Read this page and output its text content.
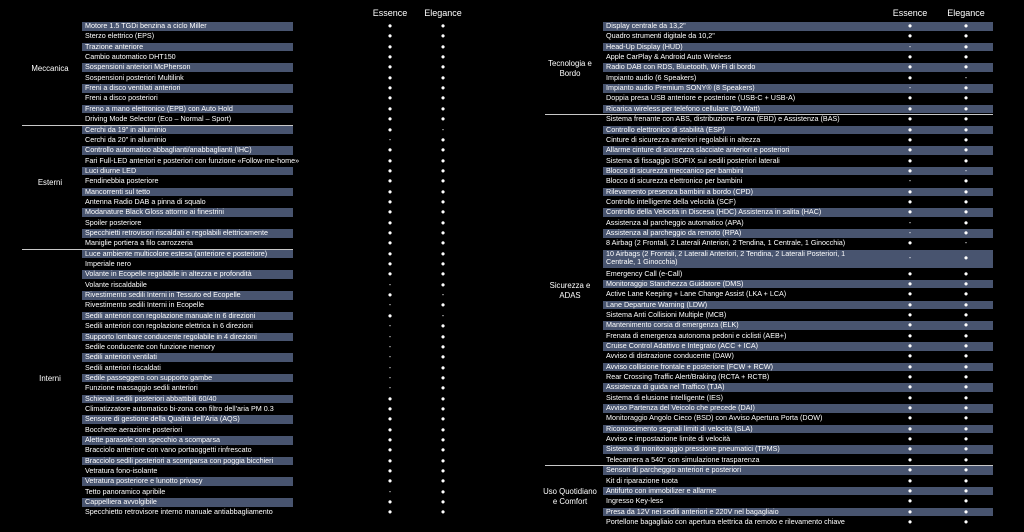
Essence	Elegance
Motore 1.5 TGDi benzina a ciclo Miller	●	●
Sterzo elettrico (EPS)	●	●
Trazione anteriore	●	●
Cambio automatico DHT150	●	●
Sospensioni anteriori McPherson	●	●
Sospensioni posteriori Multilink	●	●
Freni a disco ventilati anteriori	●	●
Freni a disco posteriori	●	●
Freno a mano elettronico (EPB) con Auto Hold	●	●
Driving Mode Selector (Eco – Normal – Sport)	●	●
Meccanica
Cerchi da 19" in alluminio	●	-
Cerchi da 20" in alluminio	-	●
Controllo automatico abbaglianti/anabbaglianti (IHC)	●	●
Fari Full-LED anteriori e posteriori con funzione «Follow-me-home»	●	●
Luci diurne LED	●	●
Fendinebbia posteriore	●	●
Mancorrenti sul tetto	●	●
Antenna Radio DAB a pinna di squalo	●	●
Modanature Black Gloss attorno ai finestrini	●	●
Spoiler posteriore	●	●
Specchietti retrovisori riscaldati e regolabili elettricamente	●	●
Maniglie portiera a filo carrozzeria	●	●
Esterni
Luce ambiente multicolore estesa (anteriore e posteriore)	●	●
Imperiale nero	●	●
Volante in Ecopelle regolabile in altezza e profondità	●	●
Volante riscaldabile	-	●
Rivestimento sedili Interni in Tessuto ed Ecopelle	●	-
Rivestimento sedili Interni in Ecopelle	-	●
Sedili anteriori con regolazione manuale in 6 direzioni	●	-
Sedili anteriori con regolazione elettrica in 6 direzioni	-	●
Supporto lombare conducente regolabile in 4 direzioni	-	●
Sedile conducente con funzione memory	-	●
Sedili anteriori ventilati	-	●
Sedili anteriori riscaldati	-	●
Sedile passeggero con supporto gambe	-	●
Funzione massaggio sedili anteriori	-	●
Schienali sedili posteriori abbattibili 60/40	●	●
Climatizzatore automatico bi-zona con filtro dell'aria PM 0.3	●	●
Sensore di gestione della Qualità dell'Aria (AQS)	●	●
Bocchette aerazione posteriori	●	●
Alette parasole con specchio a scomparsa	●	●
Bracciolo anteriore con vano portaoggetti rinfrescato	●	●
Bracciolo sedili posteriori a scomparsa con poggia bicchieri	●	●
Vetratura fono-isolante	●	●
Vetratura posteriore e lunotto privacy	●	●
Tetto panoramico apribile	-	●
Cappelliera avvolgibile	●	●
Specchietto retrovisore interno manuale antiabbagliamento	●	●
Interni
Essence	Elegance
Display centrale da 13,2"	●	●
Quadro strumenti digitale da 10,2"	●	●
Head-Up Display (HUD)	-	●
Apple CarPlay & Android Auto Wireless	●	●
Radio DAB con RDS, Bluetooth, Wi-Fi di bordo	●	●
Impianto audio (6 Speakers)	●	-
Impianto audio Premium SONY® (8 Speakers)	-	●
Doppia presa USB anteriore e posteriore (USB-C + USB-A)	●	●
Ricarica wireless per telefono cellulare (50 Watt)	●	●
Tecnologia e Bordo
Sistema frenante con ABS, distribuzione Forza (EBD) e Assistenza (BAS)	●	●
Controllo elettronico di stabilità (ESP)	●	●
Cinture di sicurezza anteriori regolabili in altezza	●	●
Allarme cinture di sicurezza slacciate anteriori e posteriori	●	●
Sistema di fissaggio ISOFIX sui sedili posteriori laterali	●	●
Blocco di sicurezza meccanico per bambini	●	-
Blocco di sicurezza elettronico per bambini	-	●
Rilevamento presenza bambini a bordo (CPD)	●	●
Controllo intelligente della velocità (SCF)	●	●
Controllo della Velocità in Discesa (HDC) Assistenza in salita (HAC)	●	●
Assistenza al parcheggio automatico (APA)	-	●
Assistenza al parcheggio da remoto (RPA)	-	●
8 Airbag (2 Frontali, 2 Laterali Anteriori, 2 Tendina, 1 Centrale, 1 Ginocchia)	●	-
10 Airbags (2 Frontali, 2 Laterali Anteriori, 2 Tendina, 2 Laterali Posteriori, 1 Centrale, 1 Ginocchia)	-	●
Emergency Call (e-Call)	●	●
Monitoraggio Stanchezza Guidatore (DMS)	●	●
Active Lane Keeping + Lane Change Assist (LKA + LCA)	●	●
Lane Departure Warning (LDW)	●	●
Sistema Anti Collisioni Multiple (MCB)	●	●
Mantenimento corsia di emergenza (ELK)	●	●
Frenata di emergenza autonoma pedoni e ciclisti (AEB+)	●	●
Cruise Control Adattivo e Integrato (ACC + ICA)	●	●
Avviso di distrazione conducente (DAW)	●	●
Avviso collisione frontale e posteriore (FCW + RCW)	●	●
Rear Crossing Traffic Alert/Braking (RCTA + RCTB)	●	●
Assistenza di guida nel Traffico (TJA)	●	●
Sistema di elusione intelligente (IES)	●	●
Avviso Partenza del Veicolo che precede (DAI)	●	●
Monitoraggio Angolo Cieco (BSD) con Avviso Apertura Porta (DOW)	●	●
Riconoscimento segnali limiti di velocità (SLA)	●	●
Avviso e impostazione limite di velocità	●	●
Sistema di monitoraggio pressione pneumatici (TPMS)	●	●
Telecamera a 540° con simulazione trasparenza	●	●
Sicurezza e ADAS
Sensori di parcheggio anteriori e posteriori	●	●
Kit di riparazione ruota	●	●
Antifurto con immobilizer e allarme	●	●
Ingresso Key-less	●	●
Presa da 12V nei sedili anteriori e 220V nel bagagliaio	●	●
Portellone bagagliaio con apertura elettrica da remoto e rilevamento chiave	●	●
Uso Quotidiano e Comfort
